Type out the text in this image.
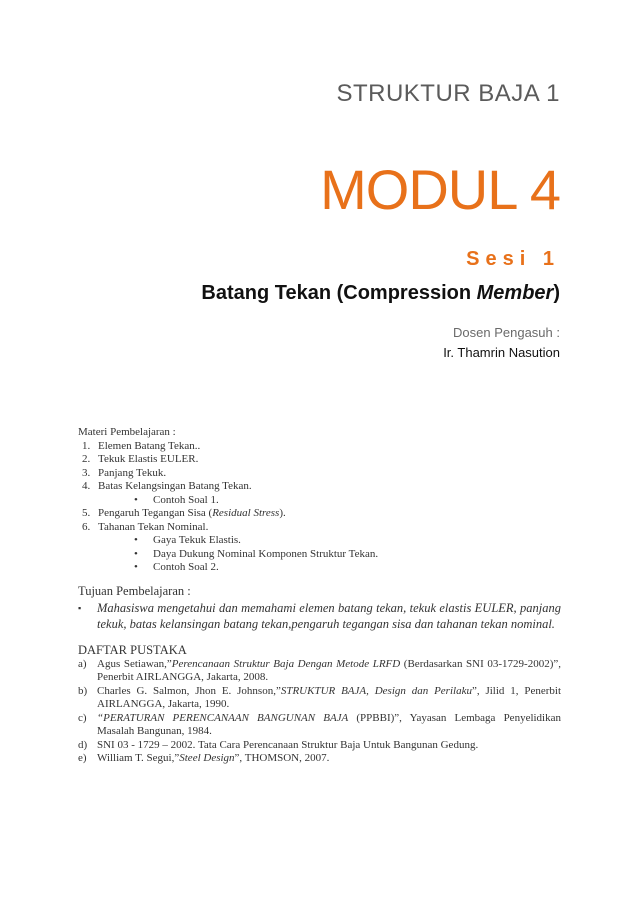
STRUKTUR BAJA 1
MODUL 4
Sesi 1
Batang Tekan (Compression Member)
Dosen Pengasuh :
Ir. Thamrin Nasution
Materi Pembelajaran :
1. Elemen Batang Tekan..
2. Tekuk Elastis EULER.
3. Panjang Tekuk.
4. Batas Kelangsingan Batang Tekan.
• Contoh Soal 1.
5. Pengaruh Tegangan Sisa (Residual Stress).
6. Tahanan Tekan Nominal.
• Gaya Tekuk Elastis.
• Daya Dukung Nominal Komponen Struktur Tekan.
• Contoh Soal 2.
Tujuan Pembelajaran :
▪ Mahasiswa mengetahui dan memahami elemen batang tekan, tekuk elastis EULER, panjang tekuk, batas kelansingan batang tekan,pengaruh tegangan sisa dan tahanan tekan nominal.
DAFTAR PUSTAKA
a) Agus Setiawan,”Perencanaan Struktur Baja Dengan Metode LRFD (Berdasarkan SNI 03-1729-2002)”, Penerbit AIRLANGGA, Jakarta, 2008.
b) Charles G. Salmon, Jhon E. Johnson,”STRUKTUR BAJA, Design dan Perilaku”, Jilid 1, Penerbit AIRLANGGA, Jakarta, 1990.
c) “PERATURAN PERENCANAAN BANGUNAN BAJA (PPBBI)”, Yayasan Lembaga Penyelidikan Masalah Bangunan, 1984.
d) SNI 03 - 1729 – 2002. Tata Cara Perencanaan Struktur Baja Untuk Bangunan Gedung.
e) William T. Segui,”Steel Design”, THOMSON, 2007.
